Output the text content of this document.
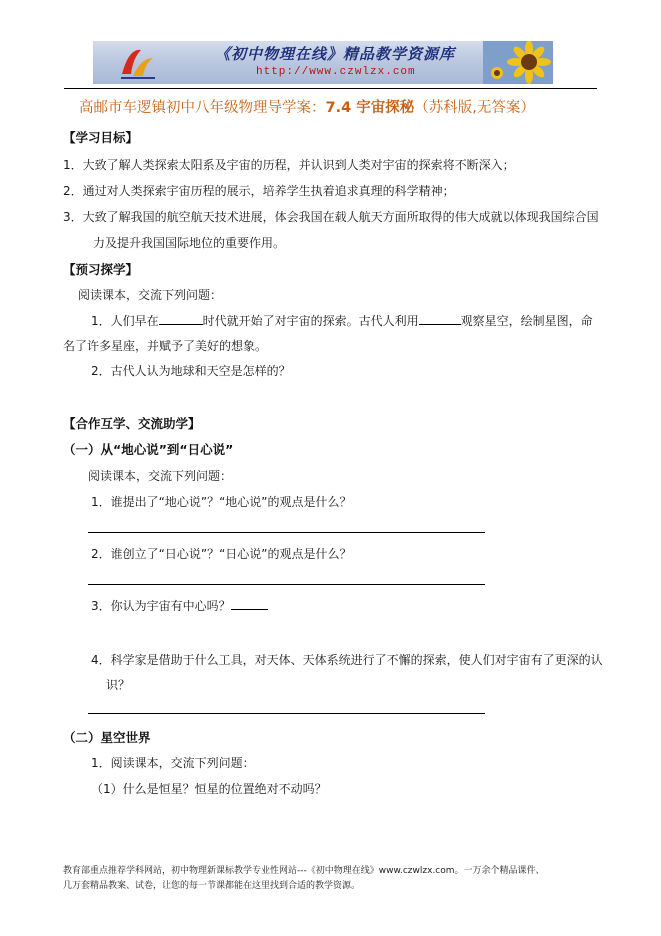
《初中物理在线》精品教学资源库
http://www.czwlzx.com
高邮市车逻镇初中八年级物理导学案：7.4 宇宙探秘（苏科版,无答案）
【学习目标】
1．大致了解人类探索太阳系及宇宙的历程，并认识到人类对宇宙的探索将不断深入；
2．通过对人类探索宇宙历程的展示，培养学生执着追求真理的科学精神；
3．大致了解我国的航空航天技术进展，体会我国在载人航天方面所取得的伟大成就以体现我国综合国
力及提升我国国际地位的重要作用。
【预习探学】
阅读课本，交流下列问题：
1．人们早在	时代就开始了对宇宙的探索。古代人利用	观察星空，绘制星图，命
名了许多星座，并赋予了美好的想象。
2．古代人认为地球和天空是怎样的？
【合作互学、交流助学】
（一）从“地心说”到“日心说”
阅读课本，交流下列问题：
1．谁提出了“地心说”？“地心说”的观点是什么？
2．谁创立了“日心说”？“日心说”的观点是什么？
3．你认为宇宙有中心吗？
4．科学家是借助于什么工具，对天体、天体系统进行了不懈的探索，使人们对宇宙有了更深的认
识？
（二）星空世界
1．阅读课本，交流下列问题：
（1）什么是恒星？恒星的位置绝对不动吗？
教育部重点推荐学科网站，初中物理新课标教学专业性网站---《初中物理在线》www.czwlzx.com。一万余个精品课件、
几万套精品教案、试卷，让您的每一节课都能在这里找到合适的教学资源。
